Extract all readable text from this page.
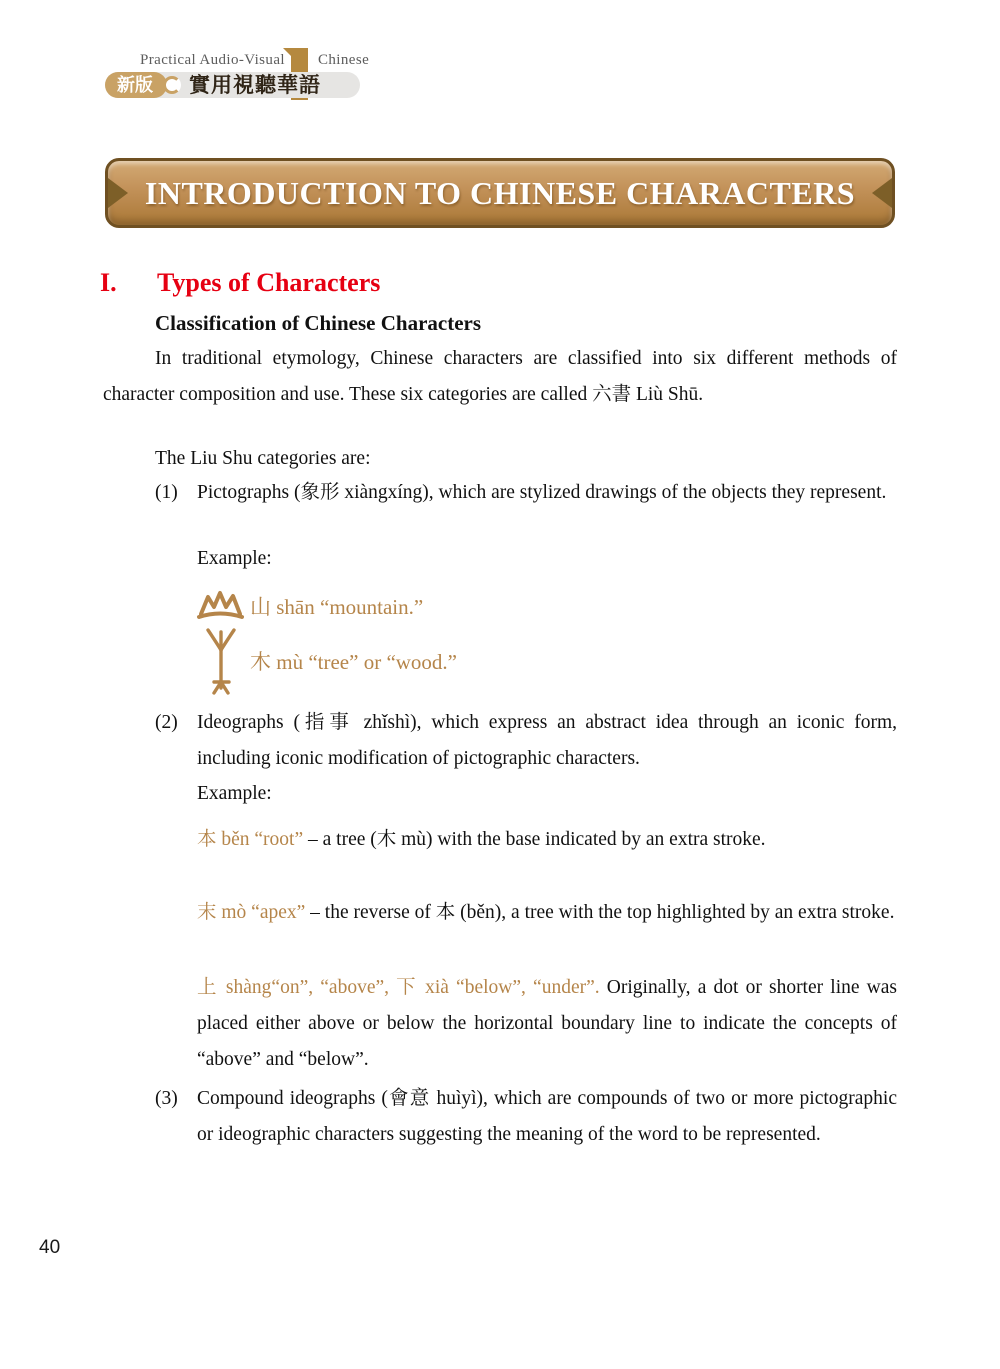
Practical Audio-Visual Chinese
新版	實用視聽華語
INTRODUCTION TO CHINESE CHARACTERS
I.	Types of Characters
Classification of Chinese Characters

In traditional etymology, Chinese characters are classified into six different methods of character composition and use. These six categories are called 六書 Liù Shū.

The Liu Shu categories are:

(1) Pictographs (象形 xiàngxíng), which are stylized drawings of the objects they represent.

Example:

山 shān “mountain.”
木 mù “tree” or “wood.”
(2) Ideographs (指事 zhǐshì), which express an abstract idea through an iconic form, including iconic modification of pictographic characters.

Example:

本 běn “root” – a tree (木 mù) with the base indicated by an extra stroke.

末 mò “apex” – the reverse of 本 (běn), a tree with the top highlighted by an extra stroke.

上 shàng“on”, “above”, 下 xià “below”, “under”. Originally, a dot or shorter line was placed either above or below the horizontal boundary line to indicate the concepts of “above” and “below”.

(3) Compound ideographs (會意 huìyì), which are compounds of two or more pictographic or ideographic characters suggesting the meaning of the word to be represented.

40
